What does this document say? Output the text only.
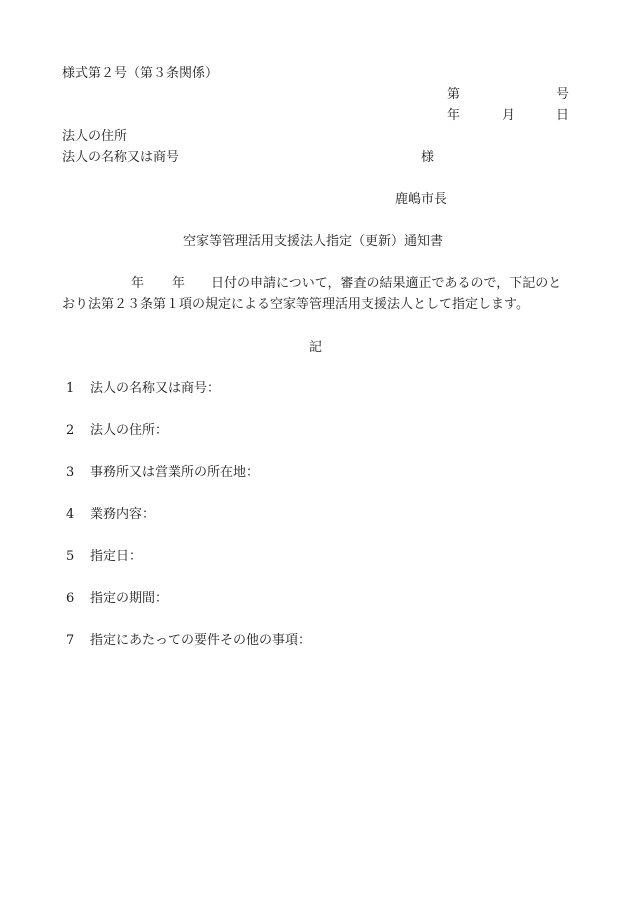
様式第２号（第３条関係）
第	号
年	月	日
法人の住所
法人の名称又は商号	様
鹿嶋市長
空家等管理活用支援法人指定（更新）通知書
年 年 日付の申請について，審査の結果適正であるので，下記のと
おり法第２３条第１項の規定による空家等管理活用支援法人として指定します。
記
1 法人の名称又は商号：
2 法人の住所：
3 事務所又は営業所の所在地：
4 業務内容：
5 指定日：
6 指定の期間：
7 指定にあたっての要件その他の事項：
